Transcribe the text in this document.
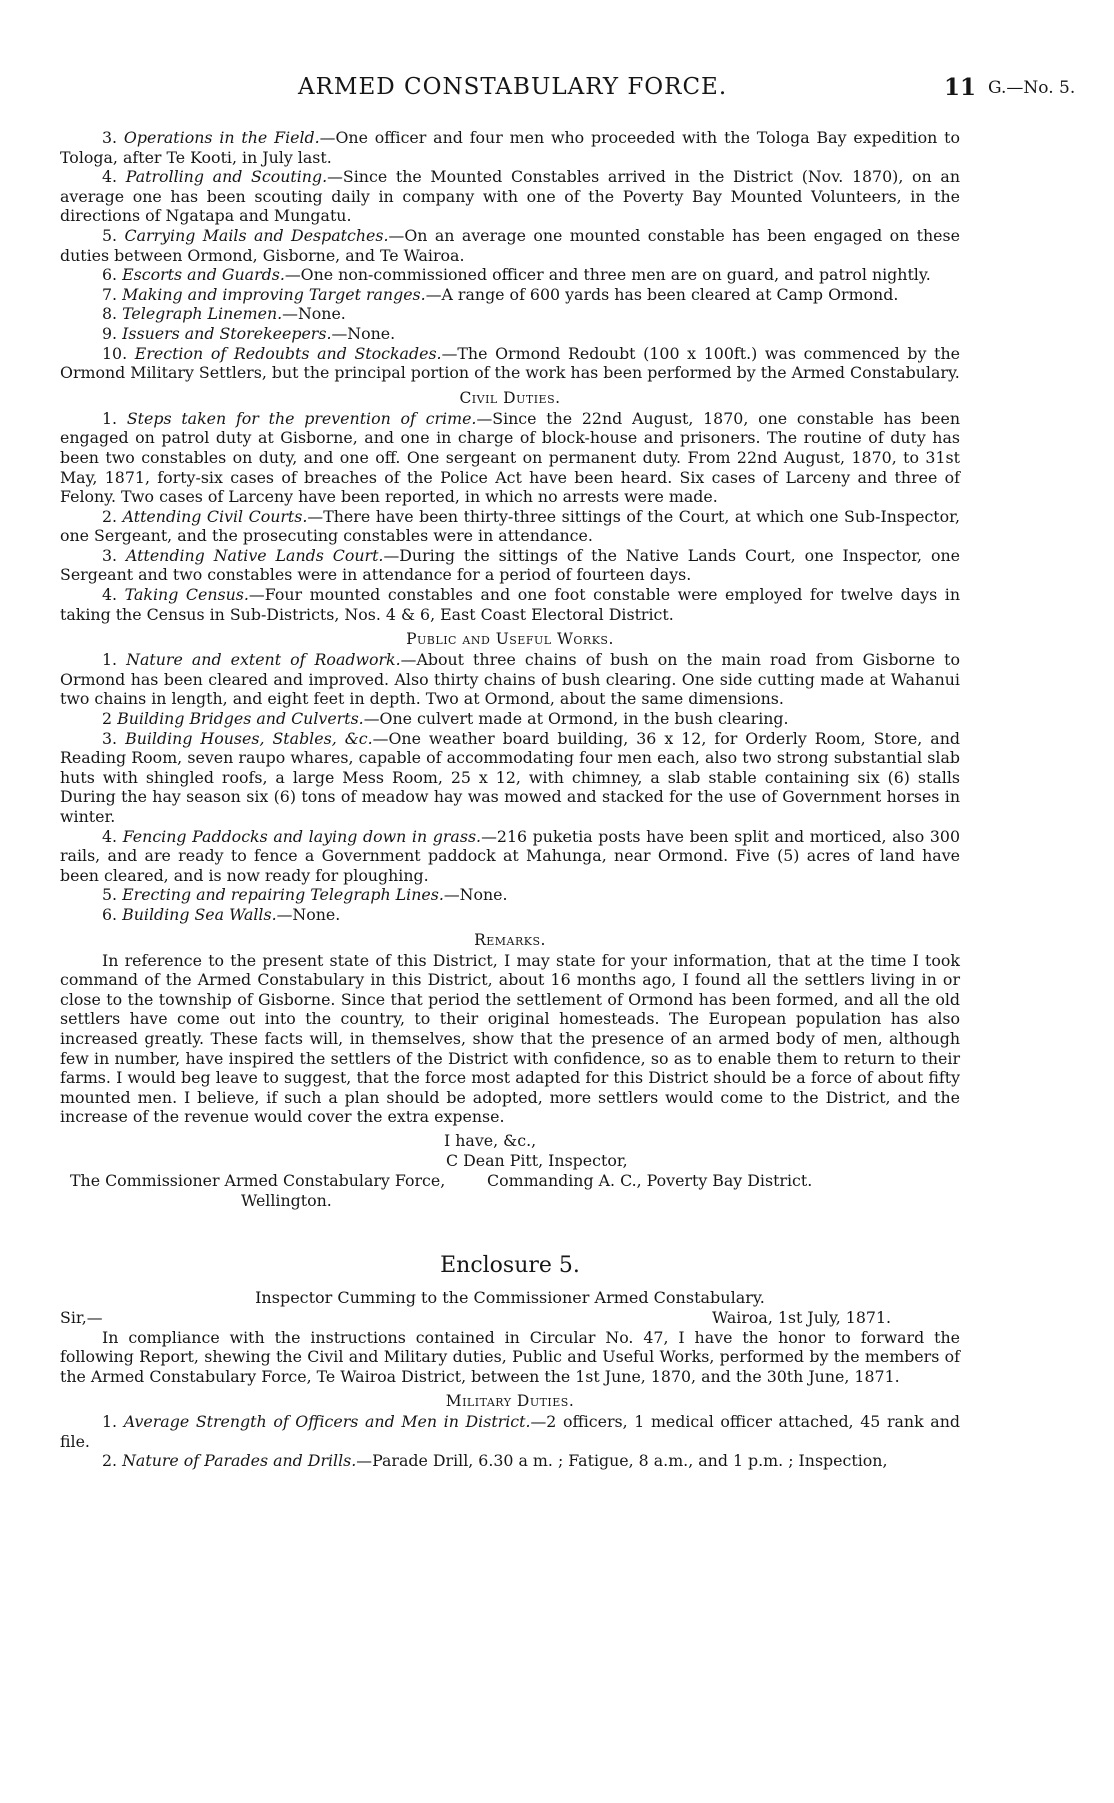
ARMED CONSTABULARY FORCE.	11 G.—No. 5.

3. Operations in the Field.—One officer and four men who proceeded with the Tologa Bay expedition to Tologa, after Te Kooti, in July last.

4. Patrolling and Scouting.—Since the Mounted Constables arrived in the District (Nov. 1870), on an average one has been scouting daily in company with one of the Poverty Bay Mounted Volunteers, in the directions of Ngatapa and Mungatu.

5. Carrying Mails and Despatches.—On an average one mounted constable has been engaged on these duties between Ormond, Gisborne, and Te Wairoa.

6. Escorts and Guards.—One non-commissioned officer and three men are on guard, and patrol nightly.

7. Making and improving Target ranges.—A range of 600 yards has been cleared at Camp Ormond.

8. Telegraph Linemen.—None.

9. Issuers and Storekeepers.—None.

10. Erection of Redoubts and Stockades.—The Ormond Redoubt (100 x 100ft.) was commenced by the Ormond Military Settlers, but the principal portion of the work has been performed by the Armed Constabulary.

Civil Duties.

1. Steps taken for the prevention of crime.—Since the 22nd August, 1870, one constable has been engaged on patrol duty at Gisborne, and one in charge of block-house and prisoners. The routine of duty has been two constables on duty, and one off. One sergeant on permanent duty. From 22nd August, 1870, to 31st May, 1871, forty-six cases of breaches of the Police Act have been heard. Six cases of Larceny and three of Felony. Two cases of Larceny have been reported, in which no arrests were made.

2. Attending Civil Courts.—There have been thirty-three sittings of the Court, at which one Sub-Inspector, one Sergeant, and the prosecuting constables were in attendance.

3. Attending Native Lands Court.—During the sittings of the Native Lands Court, one Inspector, one Sergeant and two constables were in attendance for a period of fourteen days.

4. Taking Census.—Four mounted constables and one foot constable were employed for twelve days in taking the Census in Sub-Districts, Nos. 4 & 6, East Coast Electoral District.

Public and Useful Works.

1. Nature and extent of Roadwork.—About three chains of bush on the main road from Gisborne to Ormond has been cleared and improved. Also thirty chains of bush clearing. One side cutting made at Wahanui two chains in length, and eight feet in depth. Two at Ormond, about the same dimensions.

2 Building Bridges and Culverts.—One culvert made at Ormond, in the bush clearing.

3. Building Houses, Stables, &c.—One weather board building, 36 x 12, for Orderly Room, Store, and Reading Room, seven raupo whares, capable of accommodating four men each, also two strong substantial slab huts with shingled roofs, a large Mess Room, 25 x 12, with chimney, a slab stable containing six (6) stalls During the hay season six (6) tons of meadow hay was mowed and stacked for the use of Government horses in winter.

4. Fencing Paddocks and laying down in grass.—216 puketia posts have been split and morticed, also 300 rails, and are ready to fence a Government paddock at Mahunga, near Ormond. Five (5) acres of land have been cleared, and is now ready for ploughing.

5. Erecting and repairing Telegraph Lines.—None.

6. Building Sea Walls.—None.

Remarks.

In reference to the present state of this District, I may state for your information, that at the time I took command of the Armed Constabulary in this District, about 16 months ago, I found all the settlers living in or close to the township of Gisborne. Since that period the settlement of Ormond has been formed, and all the old settlers have come out into the country, to their original homesteads. The European population has also increased greatly. These facts will, in themselves, show that the presence of an armed body of men, although few in number, have inspired the settlers of the District with confidence, so as to enable them to return to their farms. I would beg leave to suggest, that the force most adapted for this District should be a force of about fifty mounted men. I believe, if such a plan should be adopted, more settlers would come to the District, and the increase of the revenue would cover the extra expense.

I have, &c.,
C Dean Pitt, Inspector,
The Commissioner Armed Constabulary Force,	Commanding A. C., Poverty Bay District.
Wellington.
Enclosure 5.

Inspector Cumming to the Commissioner Armed Constabulary.

Sir,—	Wairoa, 1st July, 1871.

In compliance with the instructions contained in Circular No. 47, I have the honor to forward the following Report, shewing the Civil and Military duties, Public and Useful Works, performed by the members of the Armed Constabulary Force, Te Wairoa District, between the 1st June, 1870, and the 30th June, 1871.

Military Duties.

1. Average Strength of Officers and Men in District.—2 officers, 1 medical officer attached, 45 rank and file.

2. Nature of Parades and Drills.—Parade Drill, 6.30 a m. ; Fatigue, 8 a.m., and 1 p.m. ; Inspection,
